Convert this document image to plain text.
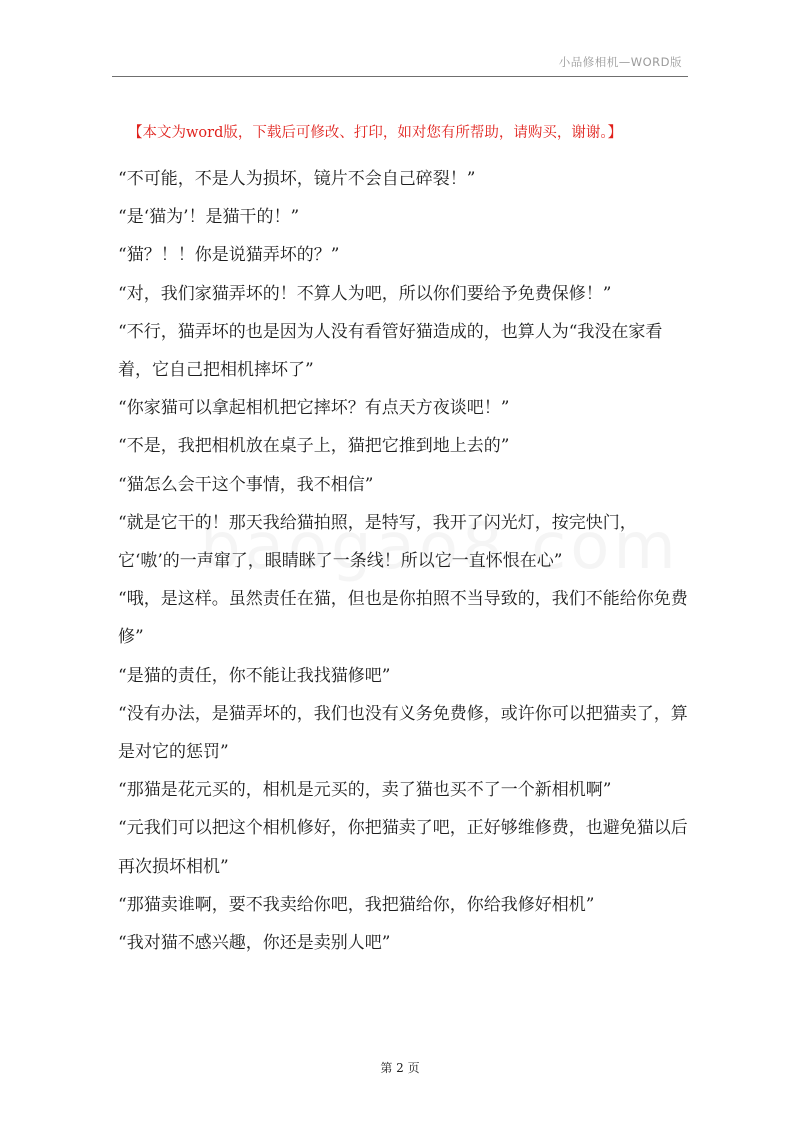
小品修相机—WORD版
【本文为word版，下载后可修改、打印，如对您有所帮助，请购买，谢谢。】

“不可能，不是人为损坏，镜片不会自己碎裂！”

“是‘猫为’！是猫干的！”

“猫？！！你是说猫弄坏的？”

“对，我们家猫弄坏的！不算人为吧，所以你们要给予免费保修！”

“不行，猫弄坏的也是因为人没有看管好猫造成的，也算人为“我没在家看着，它自己把相机摔坏了”

“你家猫可以拿起相机把它摔坏？有点天方夜谈吧！”

“不是，我把相机放在桌子上，猫把它推到地上去的”

“猫怎么会干这个事情，我不相信”

“就是它干的！那天我给猫拍照，是特写，我开了闪光灯，按完快门，它‘嗷’的一声窜了，眼睛眯了一条线！所以它一直怀恨在心”

“哦，是这样。虽然责任在猫，但也是你拍照不当导致的，我们不能给你免费修”

“是猫的责任，你不能让我找猫修吧”

“没有办法，是猫弄坏的，我们也没有义务免费修，或许你可以把猫卖了，算是对它的惩罚”

“那猫是花元买的，相机是元买的，卖了猫也买不了一个新相机啊”

“元我们可以把这个相机修好，你把猫卖了吧，正好够维修费，也避免猫以后再次损坏相机”

“那猫卖谁啊，要不我卖给你吧，我把猫给你，你给我修好相机”

“我对猫不感兴趣，你还是卖别人吧”

第 2 页
